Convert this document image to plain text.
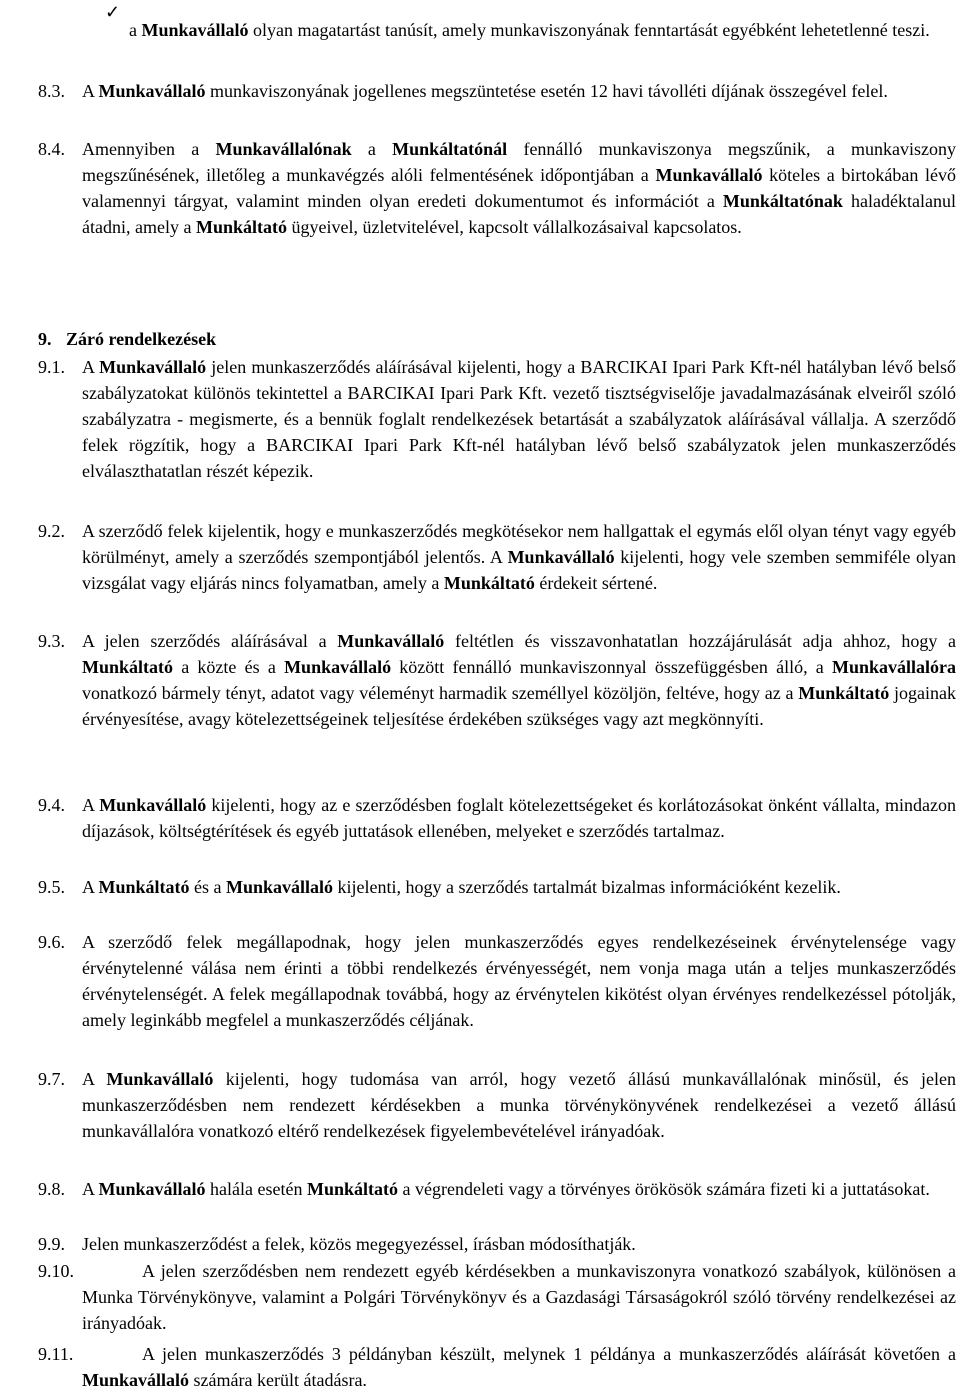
✓

a Munkavállaló olyan magatartást tanúsít, amely munkaviszonyának fenntartását egyébként lehetetlenné teszi.

8.3. A Munkavállaló munkaviszonyának jogellenes megszüntetése esetén 12 havi távolléti díjának összegével felel.

8.4. Amennyiben a Munkavállalónak a Munkáltatónál fennálló munkaviszonya megszűnik, a munkaviszony megszűnésének, illetőleg a munkavégzés alóli felmentésének időpontjában a Munkavállaló köteles a birtokában lévő valamennyi tárgyat, valamint minden olyan eredeti dokumentumot és információt a Munkáltatónak haladéktalanul átadni, amely a Munkáltató ügyeivel, üzletvitelével, kapcsolt vállalkozásaival kapcsolatos.

9.1. A Munkavállaló jelen munkaszerződés aláírásával kijelenti, hogy a BARCIKAI Ipari Park Kft-nél hatályban lévő belső szabályzatokat különös tekintettel a BARCIKAI Ipari Park Kft. vezető tisztségviselője javadalmazásának elveiről szóló szabályzatra - megismerte, és a bennük foglalt rendelkezések betartását a szabályzatok aláírásával vállalja. A szerződő felek rögzítik, hogy a BARCIKAI Ipari Park Kft-nél hatályban lévő belső szabályzatok jelen munkaszerződés elválaszthatatlan részét képezik.

9.2. A szerződő felek kijelentik, hogy e munkaszerződés megkötésekor nem hallgattak el egymás elől olyan tényt vagy egyéb körülményt, amely a szerződés szempontjából jelentős. A Munkavállaló kijelenti, hogy vele szemben semmiféle olyan vizsgálat vagy eljárás nincs folyamatban, amely a Munkáltató érdekeit sértené.

9.3. A jelen szerződés aláírásával a Munkavállaló feltétlen és visszavonhatatlan hozzájárulását adja ahhoz, hogy a Munkáltató a közte és a Munkavállaló között fennálló munkaviszonnyal összefüggésben álló, a Munkavállalóra vonatkozó bármely tényt, adatot vagy véleményt harmadik személlyel közöljön, feltéve, hogy az a Munkáltató jogainak érvényesítése, avagy kötelezettségeinek teljesítése érdekében szükséges vagy azt megkönnyíti.

9.4. A Munkavállaló kijelenti, hogy az e szerződésben foglalt kötelezettségeket és korlátozásokat önként vállalta, mindazon díjazások, költségtérítések és egyéb juttatások ellenében, melyeket e szerződés tartalmaz.

9.5. A Munkáltató és a Munkavállaló kijelenti, hogy a szerződés tartalmát bizalmas információként kezelik.

9.6. A szerződő felek megállapodnak, hogy jelen munkaszerződés egyes rendelkezéseinek érvénytelensége vagy érvénytelenné válása nem érinti a többi rendelkezés érvényességét, nem vonja maga után a teljes munkaszerződés érvénytelenségét. A felek megállapodnak továbbá, hogy az érvénytelen kikötést olyan érvényes rendelkezéssel pótolják, amely leginkább megfelel a munkaszerződés céljának.

9.7. A Munkavállaló kijelenti, hogy tudomása van arról, hogy vezető állású munkavállalónak minősül, és jelen munkaszerződésben nem rendezett kérdésekben a munka törvénykönyvének rendelkezései a vezető állású munkavállalóra vonatkozó eltérő rendelkezések figyelembevételével irányadóak.

9.8. A Munkavállaló halála esetén Munkáltató a végrendeleti vagy a törvényes örökösök számára fizeti ki a juttatásokat.

9.9. Jelen munkaszerződést a felek, közös megegyezéssel, írásban módosíthatják.

9.10.	A jelen szerződésben nem rendezett egyéb kérdésekben a munkaviszonyra vonatkozó szabályok, különösen a Munka Törvénykönyve, valamint a Polgári Törvénykönyv és a Gazdasági Társaságokról szóló törvény rendelkezései az irányadóak.

9.11.	A jelen munkaszerződés 3 példányban készült, melynek 1 példánya a munkaszerződés aláírását követően a Munkavállaló számára került átadásra.

9. Záró rendelkezések
